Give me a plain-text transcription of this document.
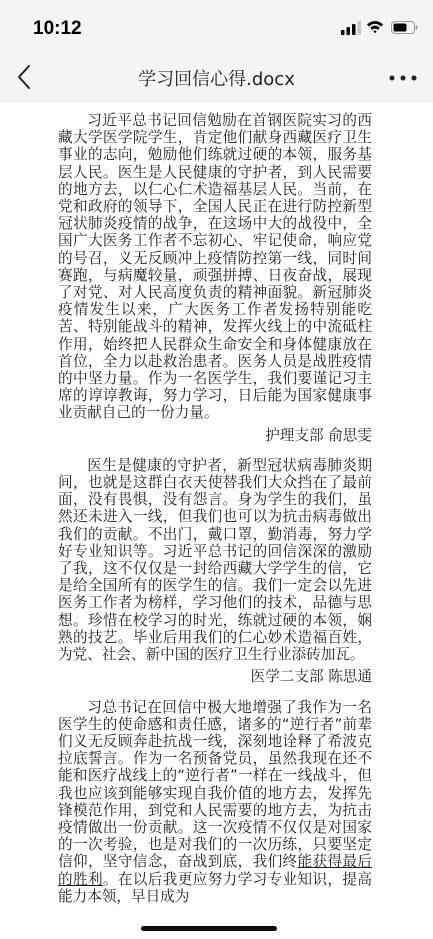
10:12
学习回信心得.docx

习近平总书记回信勉励在首钢医院实习的西藏大学医学院学生，肯定他们献身西藏医疗卫生事业的志向，勉励他们练就过硬的本领，服务基层人民。医生是人民健康的守护者，到人民需要的地方去，以仁心仁术造福基层人民。当前，在党和政府的领导下，全国人民正在进行防控新型冠状肺炎疫情的战争，在这场中大的战役中，全国广大医务工作者不忘初心、牢记使命，响应党的号召，义无反顾冲上疫情防控第一线，同时间赛跑，与病魔较量，顽强拼搏、日夜奋战，展现了对党、对人民高度负责的精神面貌。新冠肺炎疫情发生以来，广大医务工作者发扬特别能吃苦、特别能战斗的精神，发挥火线上的中流砥柱作用，始终把人民群众生命安全和身体健康放在首位，全力以赴救治患者。医务人员是战胜疫情的中坚力量。作为一名医学生，我们要谨记习主席的谆谆教诲，努力学习，日后能为国家健康事业贡献自己的一份力量。

护理支部 俞思雯

医生是健康的守护者，新型冠状病毒肺炎期间，也就是这群白衣天使替我们大众挡在了最前面，没有畏惧，没有怨言。身为学生的我们，虽然还未进入一线，但我们也可以为抗击病毒做出我们的贡献。不出门，戴口罩，勤消毒，努力学好专业知识等。习近平总书记的回信深深的激励了我，这不仅仅是一封给西藏大学学生的信，它是给全国所有的医学生的信。我们一定会以先进医务工作者为榜样，学习他们的技术，品德与思想。珍惜在校学习的时光，练就过硬的本领，娴熟的技艺。毕业后用我们的仁心妙术造福百姓，为党、社会、新中国的医疗卫生行业添砖加瓦。

医学二支部 陈思通

习总书记在回信中极大地增强了我作为一名医学生的使命感和责任感，诸多的“逆行者”前辈们义无反顾奔赴抗战一线，深刻地诠释了希波克拉底誓言。作为一名预备党员，虽然我现在还不能和医疗战线上的“逆行者”一样在一线战斗，但我也应该到能够实现自我价值的地方去，发挥先锋模范作用，到党和人民需要的地方去，为抗击疫情做出一份贡献。这一次疫情不仅仅是对国家的一次考验，也是对我们的一次历练，只要坚定信仰，坚守信念，奋战到底，我们终能获得最后的胜利。在以后我更应努力学习专业知识，提高能力本领，早日成为
